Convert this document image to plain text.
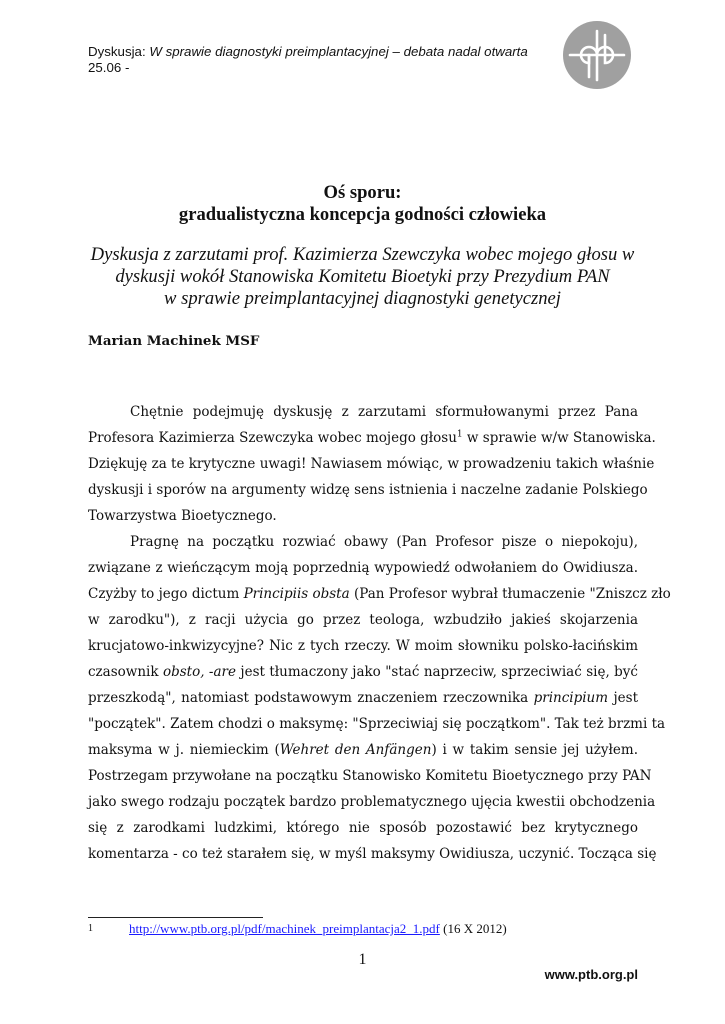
Dyskusja: W sprawie diagnostyki preimplantacyjnej – debata nadal otwarta
25.06 -
Oś sporu:
gradualistyczna koncepcja godności człowieka
Dyskusja z zarzutami prof. Kazimierza Szewczyka wobec mojego głosu w
dyskusji wokół Stanowiska Komitetu Bioetyki przy Prezydium PAN
w sprawie preimplantacyjnej diagnostyki genetycznej
Marian Machinek MSF
Chętnie podejmuję dyskusję z zarzutami sformułowanymi przez Pana
Profesora Kazimierza Szewczyka wobec mojego głosu$^1$ w sprawie w/w Stanowiska.
Dziękuję za te krytyczne uwagi! Nawiasem mówiąc, w prowadzeniu takich właśnie
dyskusji i sporów na argumenty widzę sens istnienia i naczelne zadanie Polskiego
Towarzystwa Bioetycznego.
Pragnę na początku rozwiać obawy (Pan Profesor pisze o niepokoju),
związane z wieńczącym moją poprzednią wypowiedź odwołaniem do Owidiusza.
Czyżby to jego dictum Principiis obsta (Pan Profesor wybrał tłumaczenie "Zniszcz zło
w zarodku"), z racji użycia go przez teologa, wzbudziło jakieś skojarzenia
krucjatowo-inkwizycyjne? Nic z tych rzeczy. W moim słowniku polsko-łacińskim
czasownik obsto, -are jest tłumaczony jako "stać naprzeciw, sprzeciwiać się, być
przeszkodą", natomiast podstawowym znaczeniem rzeczownika principium jest
"początek". Zatem chodzi o maksymę: "Sprzeciwiaj się początkom". Tak też brzmi ta
maksyma w j. niemieckim (Wehret den Anfängen) i w takim sensie jej użyłem.
Postrzegam przywołane na początku Stanowisko Komitetu Bioetycznego przy PAN
jako swego rodzaju początek bardzo problematycznego ujęcia kwestii obchodzenia
się z zarodkami ludzkimi, którego nie sposób pozostawić bez krytycznego
komentarza - co też starałem się, w myśl maksymy Owidiusza, uczynić. Tocząca się
1	http://www.ptb.org.pl/pdf/machinek_preimplantacja2_1.pdf (16 X 2012)
1
www.ptb.org.pl
